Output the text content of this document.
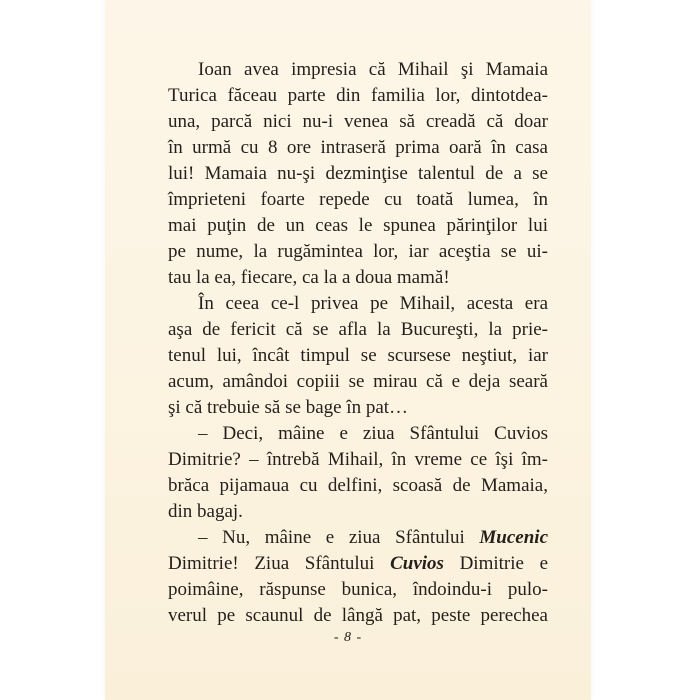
Ioan avea impresia că Mihail şi Mamaia
Turica făceau parte din familia lor, dintotdea-
una, parcă nici nu-i venea să creadă că doar
în urmă cu 8 ore intraseră prima oară în casa
lui! Mamaia nu-şi dezminţise talentul de a se
împrieteni foarte repede cu toată lumea, în
mai puţin de un ceas le spunea părinţilor lui
pe nume, la rugămintea lor, iar aceştia se ui-
tau la ea, fiecare, ca la a doua mamă!
În ceea ce-l privea pe Mihail, acesta era
aşa de fericit că se afla la Bucureşti, la prie-
tenul lui, încât timpul se scursese neştiut, iar
acum, amândoi copiii se mirau că e deja seară
şi că trebuie să se bage în pat…
– Deci, mâine e ziua Sfântului Cuvios
Dimitrie? – întrebă Mihail, în vreme ce îşi îm-
brăca pijamaua cu delfini, scoasă de Mamaia,
din bagaj.
– Nu, mâine e ziua Sfântului Mucenic
Dimitrie! Ziua Sfântului Cuvios Dimitrie e
poimâine, răspunse bunica, îndoindu-i pulo-
verul pe scaunul de lângă pat, peste perechea
- 8 -
